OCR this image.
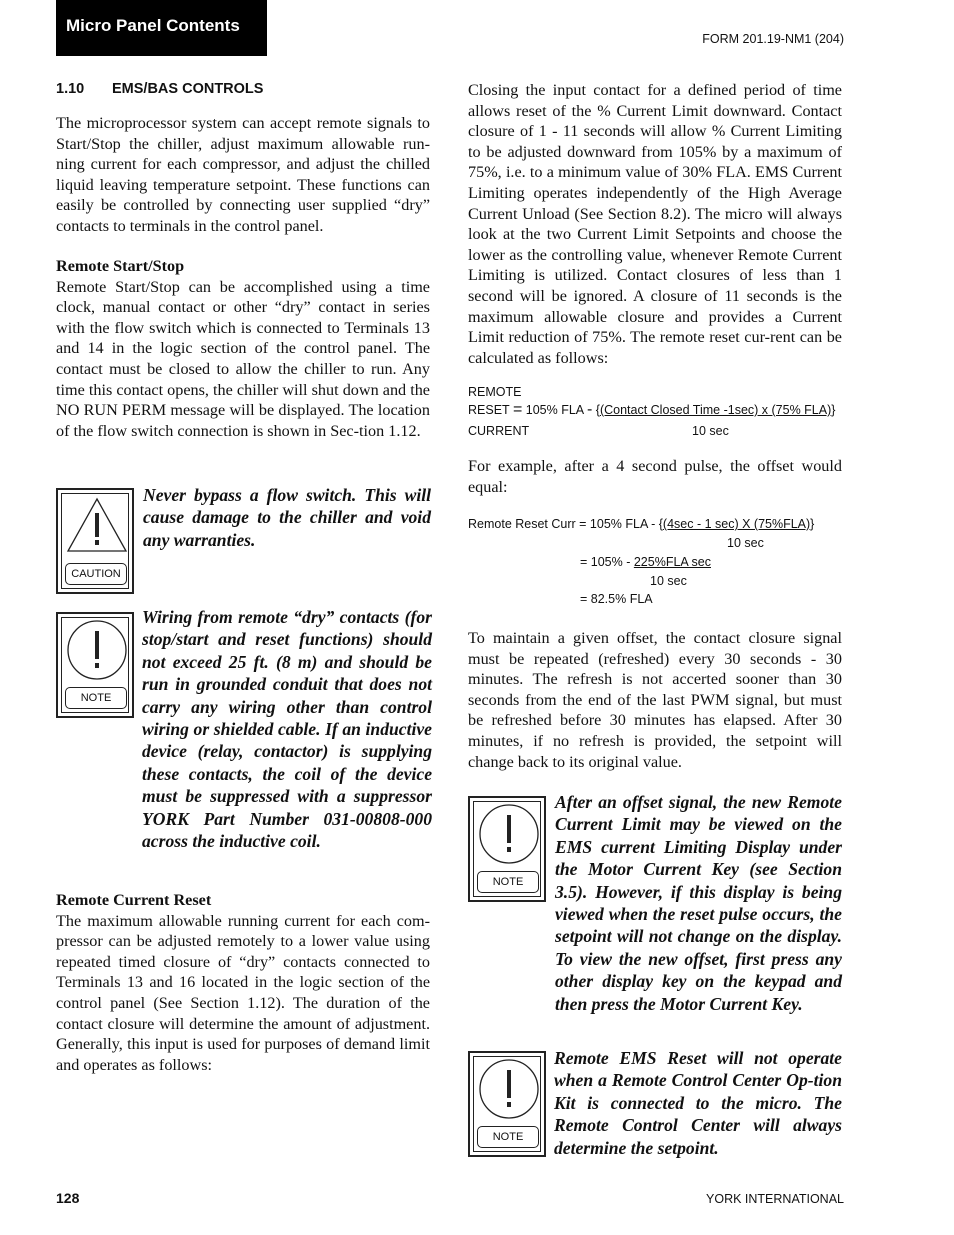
Micro Panel Contents
FORM 201.19-NM1 (204)
1.10 EMS/BAS CONTROLS

The microprocessor system can accept remote signals to Start/Stop the chiller, adjust maximum allowable run-ning current for each compressor, and adjust the chilled liquid leaving temperature setpoint. These functions can easily be controlled by connecting user supplied “dry” contacts to terminals in the control panel.

Remote Start/Stop

Remote Start/Stop can be accomplished using a time clock, manual contact or other “dry” contact in series with the flow switch which is connected to Terminals 13 and 14 in the logic section of the control panel. The contact must be closed to allow the chiller to run. Any time this contact opens, the chiller will shut down and the NO RUN PERM message will be displayed. The location of the flow switch connection is shown in Sec-tion 1.12.

CAUTION
Never bypass a flow switch. This will cause damage to the chiller and void any warranties.
NOTE
Wiring from remote “dry” contacts (for stop/start and reset functions) should not exceed 25 ft. (8 m) and should be run in grounded conduit that does not carry any wiring other than control wiring or shielded cable. If an inductive device (relay, contactor) is supplying these contacts, the coil of the device must be suppressed with a suppressor YORK Part Number 031-00808-000 across the inductive coil.

Remote Current Reset

The maximum allowable running current for each com-pressor can be adjusted remotely to a lower value using repeated timed closure of “dry” contacts connected to Terminals 13 and 16 located in the logic section of the control panel (See Section 1.12). The duration of the contact closure will determine the amount of adjustment. Generally, this input is used for purposes of demand limit and operates as follows:

Closing the input contact for a defined period of time allows reset of the % Current Limit downward. Contact closure of 1 - 11 seconds will allow % Current Limiting to be adjusted downward from 105% by a maximum of 75%, i.e. to a minimum value of 30% FLA. EMS Current Limiting operates independently of the High Average Current Unload (See Section 8.2). The micro will always look at the two Current Limit Setpoints and choose the lower as the controlling value, whenever Remote Current Limiting is utilized. Contact closures of less than 1 second will be ignored. A closure of 11 seconds is the maximum allowable closure and provides a Current Limit reduction of 75%. The remote reset cur-rent can be calculated as follows:

REMOTE
RESET = 105% FLA - {(Contact Closed Time -1sec) x (75% FLA)}
CURRENT	10 sec

For example, after a 4 second pulse, the offset would equal:

Remote Reset Curr = 105% FLA - {(4sec - 1 sec) X (75%FLA)}
10 sec
= 105% - 225%FLA sec
10 sec
= 82.5% FLA

To maintain a given offset, the contact closure signal must be repeated (refreshed) every 30 seconds - 30 minutes. The refresh is not accerted sooner than 30 seconds from the end of the last PWM signal, but must be refreshed before 30 minutes has elapsed. After 30 minutes, if no refresh is provided, the setpoint will change back to its original value.

NOTE
After an offset signal, the new Remote Current Limit may be viewed on the EMS current Limiting Display under the Motor Current Key (see Section 3.5). However, if this display is being viewed when the reset pulse occurs, the setpoint will not change on the display. To view the new offset, first press any other display key on the keypad and then press the Motor Current Key.
NOTE
Remote EMS Reset will not operate when a Remote Control Center Op-tion Kit is connected to the micro. The Remote Control Center will always determine the setpoint.
128	YORK INTERNATIONAL
